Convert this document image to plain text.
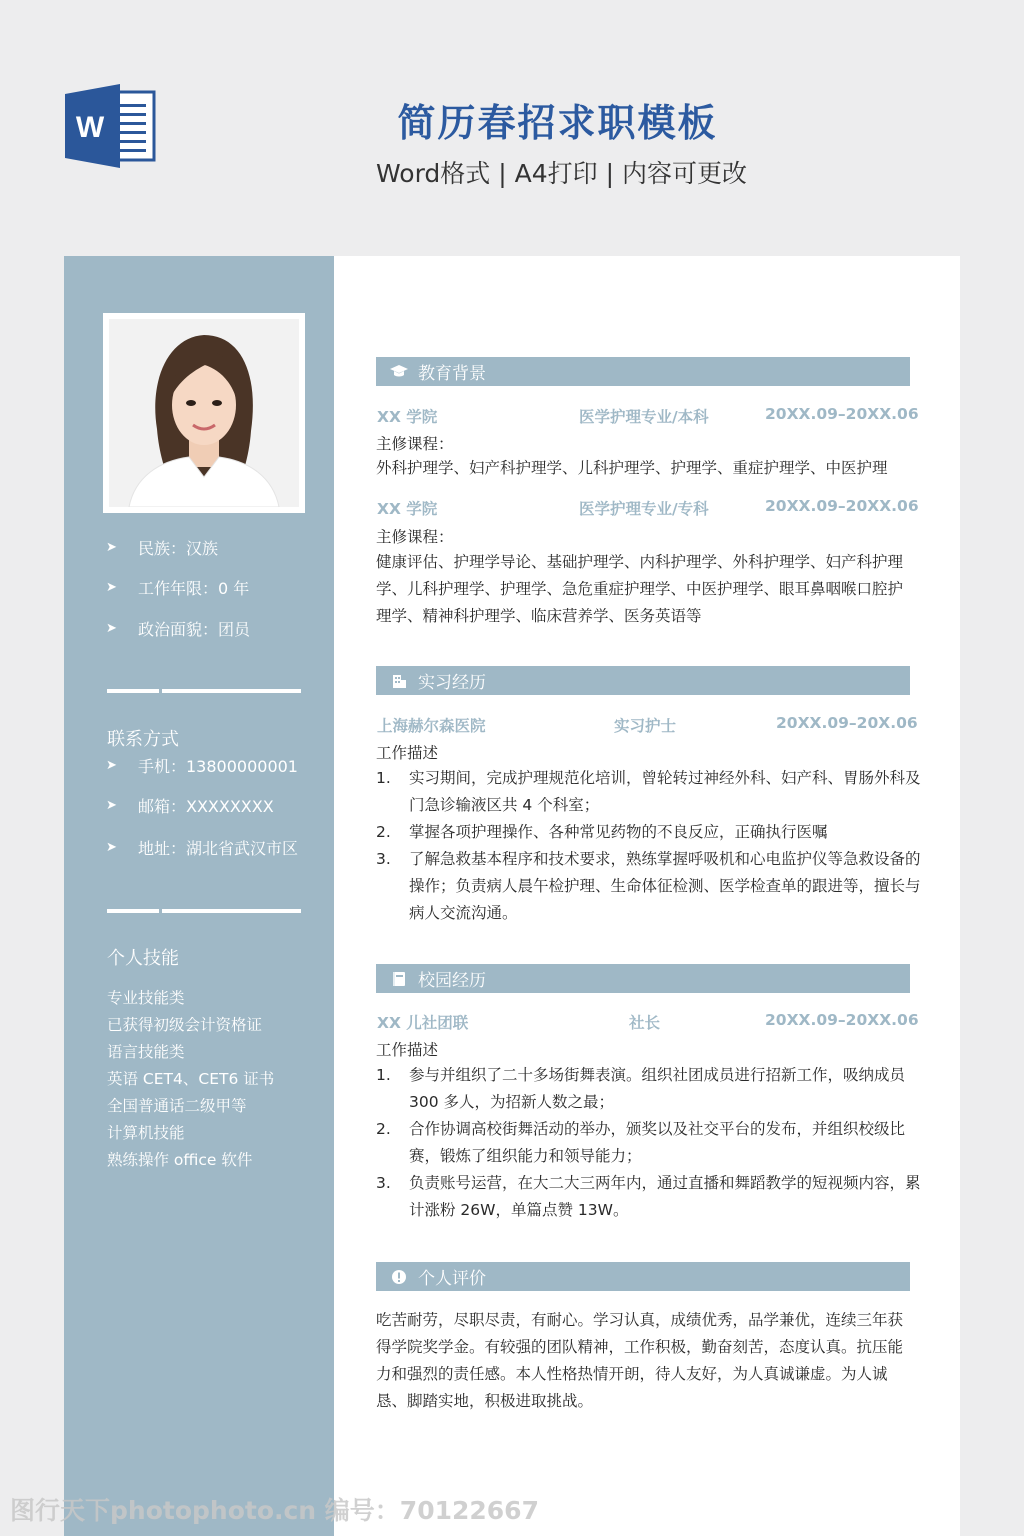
W	简历春招求职模板
Word格式 | A4打印 | 内容可更改
➤	民族：汉族
➤	工作年限：0 年
➤	政治面貌：团员
联系方式
➤	手机：13800000001
➤	邮箱：XXXXXXXX
➤	地址：湖北省武汉市区
个人技能
专业技能类
已获得初级会计资格证
语言技能类
英语 CET4、CET6 证书
全国普通话二级甲等
计算机技能
熟练操作 office 软件
教育背景
XX 学院	医学护理专业/本科	20XX.09–20XX.06
主修课程：
外科护理学、妇产科护理学、儿科护理学、护理学、重症护理学、中医护理
XX 学院	医学护理专业/专科	20XX.09–20XX.06
主修课程：
健康评估、护理学导论、基础护理学、内科护理学、外科护理学、妇产科护理学、儿科护理学、护理学、急危重症护理学、中医护理学、眼耳鼻咽喉口腔护理学、精神科护理学、临床营养学、医务英语等
实习经历
上海赫尔森医院	实习护士	20XX.09–20X.06
工作描述
1.	实习期间，完成护理规范化培训，曾轮转过神经外科、妇产科、胃肠外科及门急诊输液区共 4 个科室；
2.	掌握各项护理操作、各种常见药物的不良反应，正确执行医嘱
3.	了解急救基本程序和技术要求，熟练掌握呼吸机和心电监护仪等急救设备的操作；负责病人晨午检护理、生命体征检测、医学检查单的跟进等，擅长与病人交流沟通。
校园经历
XX 儿社团联	社长	20XX.09–20XX.06
工作描述
1.	参与并组织了二十多场街舞表演。组织社团成员进行招新工作，吸纳成员 300 多人，为招新人数之最；
2.	合作协调高校街舞活动的举办，颁奖以及社交平台的发布，并组织校级比赛，锻炼了组织能力和领导能力；
3.	负责账号运营，在大二大三两年内，通过直播和舞蹈教学的短视频内容，累计涨粉 26W，单篇点赞 13W。
个人评价
吃苦耐劳，尽职尽责，有耐心。学习认真，成绩优秀，品学兼优，连续三年获得学院奖学金。有较强的团队精神，工作积极，勤奋刻苦，态度认真。抗压能力和强烈的责任感。本人性格热情开朗，待人友好，为人真诚谦虚。为人诚恳、脚踏实地，积极进取挑战。
图行天下photophoto.cn 编号：70122667
